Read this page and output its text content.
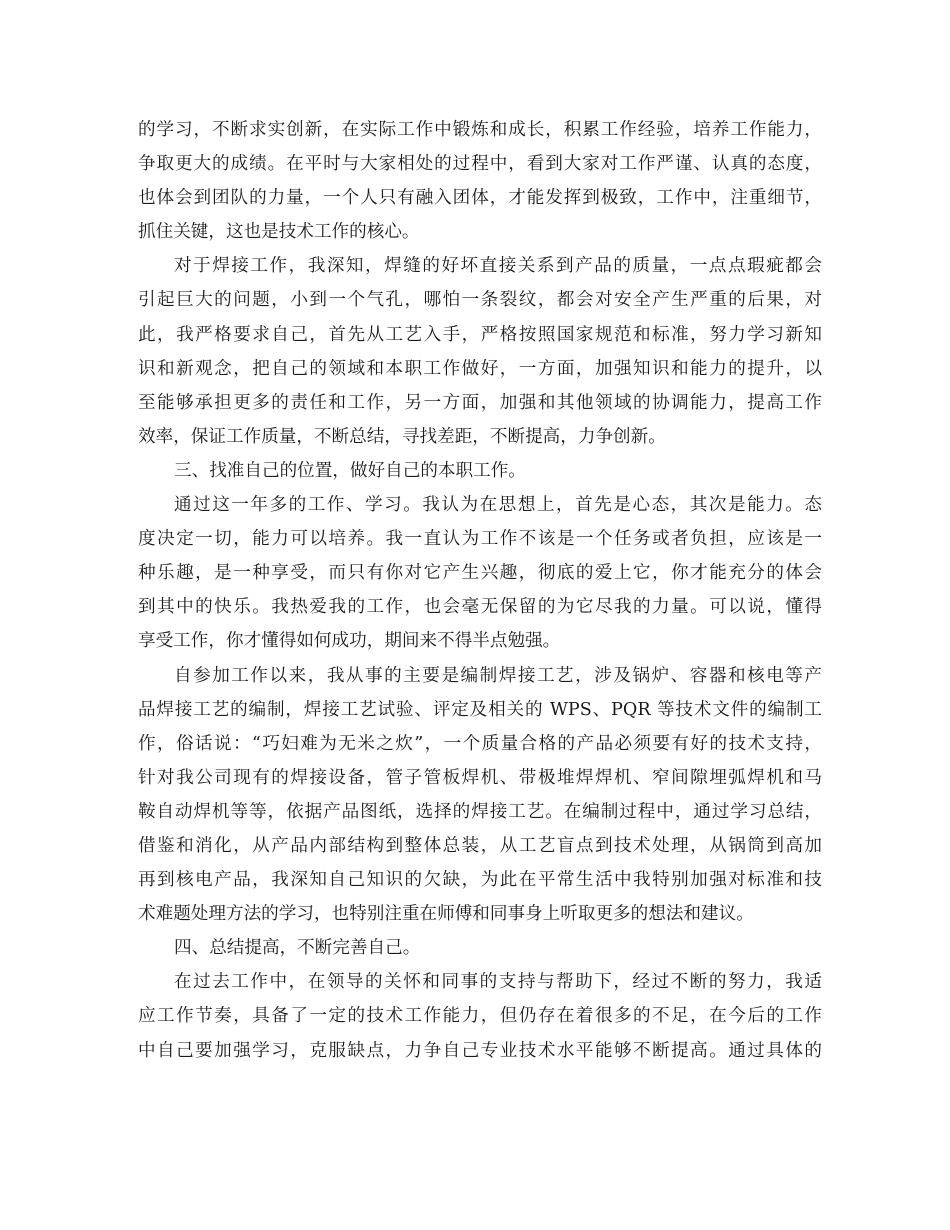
的学习，不断求实创新，在实际工作中锻炼和成长，积累工作经验，培养工作能力，
争取更大的成绩。在平时与大家相处的过程中，看到大家对工作严谨、认真的态度，
也体会到团队的力量，一个人只有融入团体，才能发挥到极致，工作中，注重细节，
抓住关键，这也是技术工作的核心。
对于焊接工作，我深知，焊缝的好坏直接关系到产品的质量，一点点瑕疵都会
引起巨大的问题，小到一个气孔，哪怕一条裂纹，都会对安全产生严重的后果，对
此，我严格要求自己，首先从工艺入手，严格按照国家规范和标准，努力学习新知
识和新观念，把自己的领域和本职工作做好，一方面，加强知识和能力的提升，以
至能够承担更多的责任和工作，另一方面，加强和其他领域的协调能力，提高工作
效率，保证工作质量，不断总结，寻找差距，不断提高，力争创新。
三、找准自己的位置，做好自己的本职工作。
通过这一年多的工作、学习。我认为在思想上，首先是心态，其次是能力。态
度决定一切，能力可以培养。我一直认为工作不该是一个任务或者负担，应该是一
种乐趣，是一种享受，而只有你对它产生兴趣，彻底的爱上它，你才能充分的体会
到其中的快乐。我热爱我的工作，也会毫无保留的为它尽我的力量。可以说，懂得
享受工作，你才懂得如何成功，期间来不得半点勉强。
自参加工作以来，我从事的主要是编制焊接工艺，涉及锅炉、容器和核电等产
品焊接工艺的编制，焊接工艺试验、评定及相关的 WPS、PQR 等技术文件的编制工
作，俗话说：“巧妇难为无米之炊”，一个质量合格的产品必须要有好的技术支持，
针对我公司现有的焊接设备，管子管板焊机、带极堆焊焊机、窄间隙埋弧焊机和马
鞍自动焊机等等，依据产品图纸，选择的焊接工艺。在编制过程中，通过学习总结，
借鉴和消化，从产品内部结构到整体总装，从工艺盲点到技术处理，从锅筒到高加
再到核电产品，我深知自己知识的欠缺，为此在平常生活中我特别加强对标准和技
术难题处理方法的学习，也特别注重在师傅和同事身上听取更多的想法和建议。
四、总结提高，不断完善自己。
在过去工作中，在领导的关怀和同事的支持与帮助下，经过不断的努力，我适
应工作节奏，具备了一定的技术工作能力，但仍存在着很多的不足，在今后的工作
中自己要加强学习，克服缺点，力争自己专业技术水平能够不断提高。通过具体的
